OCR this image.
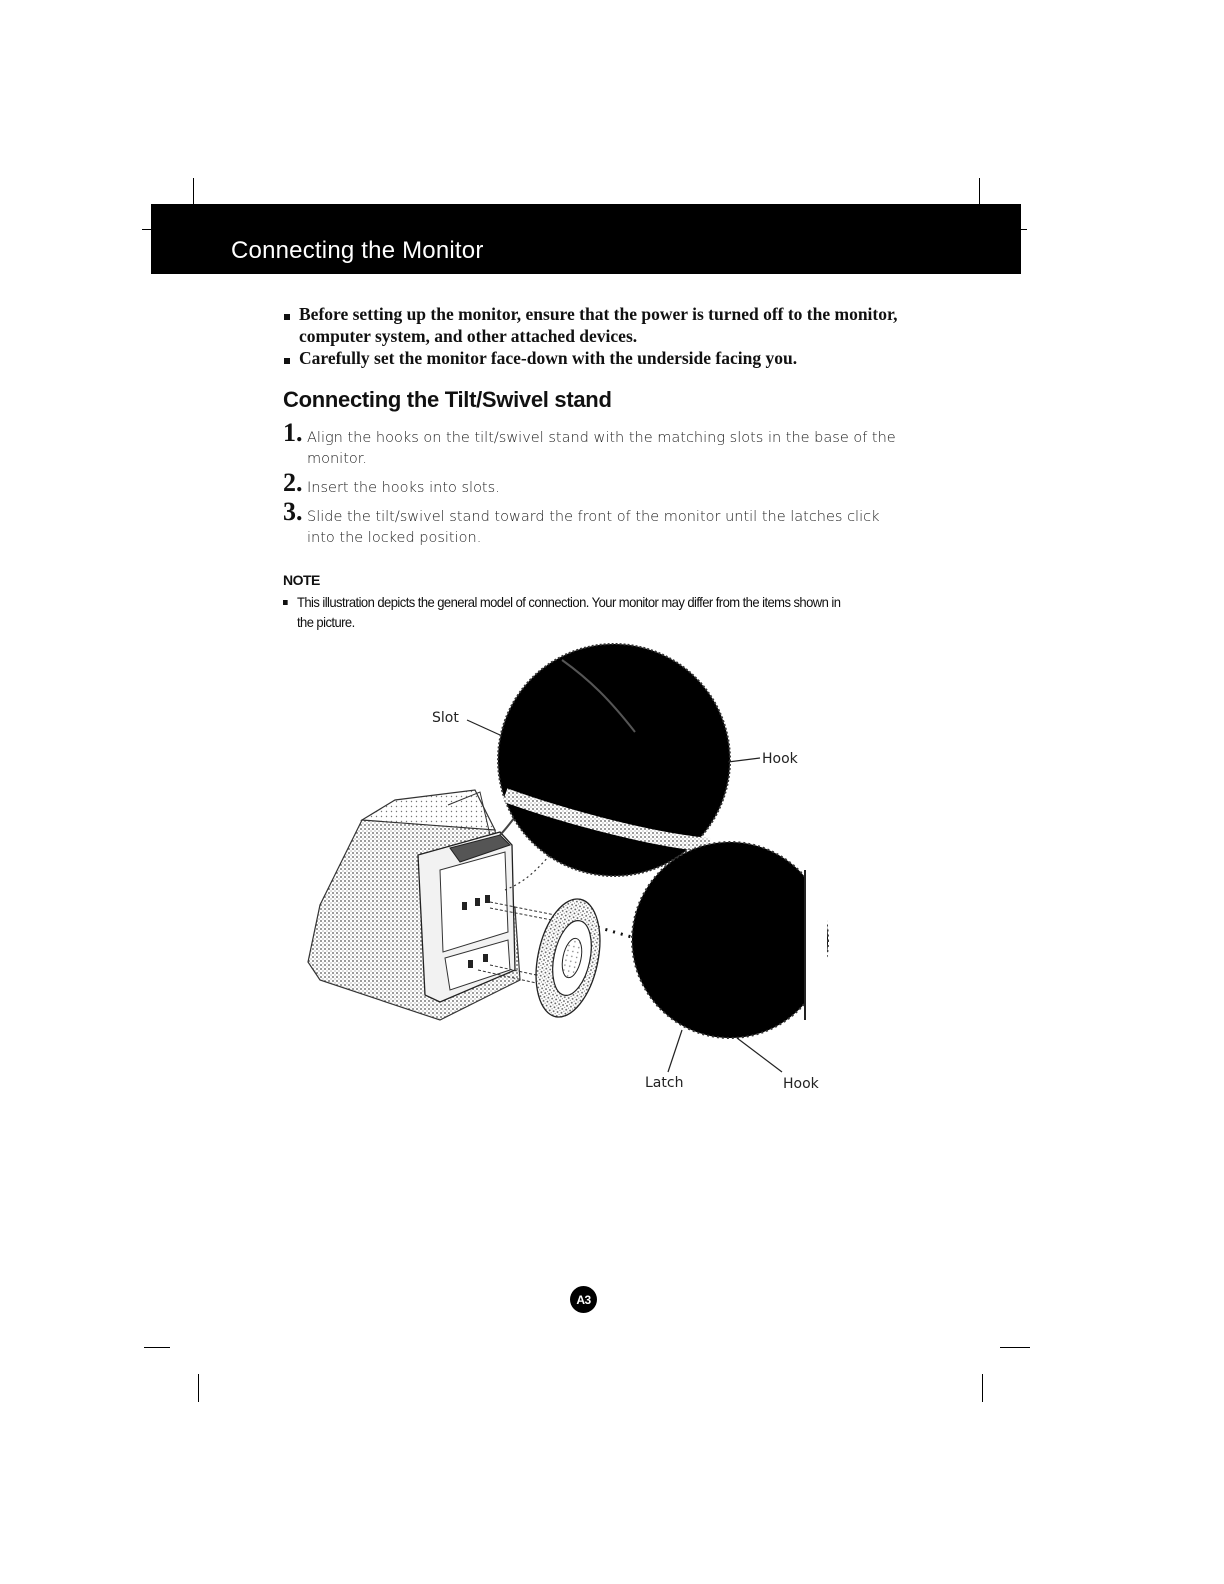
Connecting the Monitor
Before setting up the monitor, ensure that the power is turned off to the monitor, computer system, and other attached devices.
Carefully set the monitor face-down with the underside facing you.
Connecting the Tilt/Swivel stand
1. Align the hooks on the tilt/swivel stand with the matching slots in the base of the monitor.
2. Insert the hooks into slots.
3. Slide the tilt/swivel stand toward the front of the monitor until the latches click into the locked position.
NOTE
This illustration depicts the general model of connection. Your monitor may differ from the items shown in the picture.
Slot
Hook
Latch	Hook
A3
